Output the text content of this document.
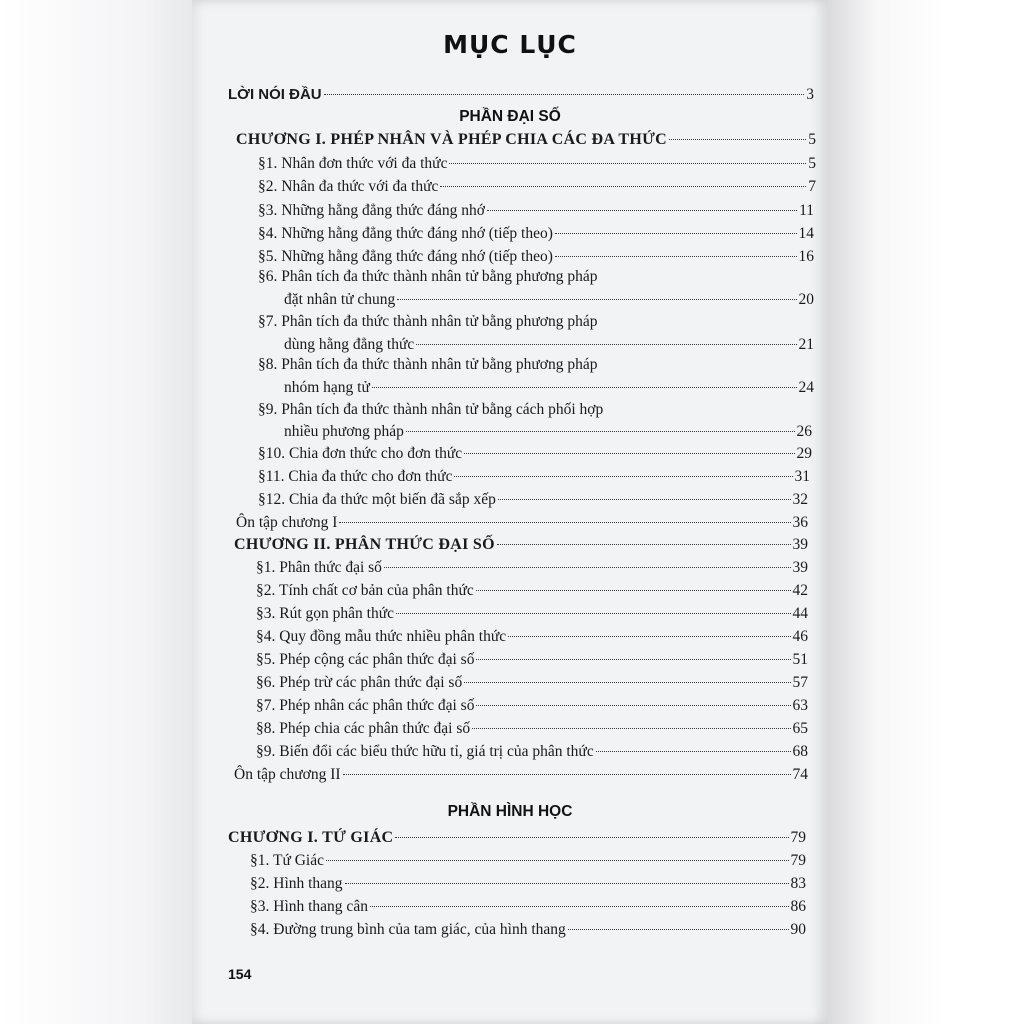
MỤC LỤC
LỜI NÓI ĐẦU	3
PHẦN ĐẠI SỐ
CHƯƠNG I. PHÉP NHÂN VÀ PHÉP CHIA CÁC ĐA THỨC	5
§1. Nhân đơn thức với đa thức	5
§2. Nhân đa thức với đa thức	7
§3. Những hằng đẳng thức đáng nhớ	11
§4. Những hằng đẳng thức đáng nhớ (tiếp theo)	14
§5. Những hằng đẳng thức đáng nhớ (tiếp theo)	16
§6. Phân tích đa thức thành nhân tử bằng phương pháp
đặt nhân tử chung	20
§7. Phân tích đa thức thành nhân tử bằng phương pháp
dùng hằng đẳng thức	21
§8. Phân tích đa thức thành nhân tử bằng phương pháp
nhóm hạng tử	24
§9. Phân tích đa thức thành nhân tử bằng cách phối hợp
nhiều phương pháp	26
§10. Chia đơn thức cho đơn thức	29
§11. Chia đa thức cho đơn thức	31
§12. Chia đa thức một biến đã sắp xếp	32
Ôn tập chương I	36
CHƯƠNG II. PHÂN THỨC ĐẠI SỐ	39
§1. Phân thức đại số	39
§2. Tính chất cơ bản của phân thức	42
§3. Rút gọn phân thức	44
§4. Quy đồng mẫu thức nhiều phân thức	46
§5. Phép cộng các phân thức đại số	51
§6. Phép trừ các phân thức đại số	57
§7. Phép nhân các phân thức đại số	63
§8. Phép chia các phân thức đại số	65
§9. Biến đổi các biểu thức hữu tỉ, giá trị của phân thức	68
Ôn tập chương II	74
PHẦN HÌNH HỌC
CHƯƠNG I. TỨ GIÁC	79
§1. Tứ Giác	79
§2. Hình thang	83
§3. Hình thang cân	86
§4. Đường trung bình của tam giác, của hình thang	90
154
